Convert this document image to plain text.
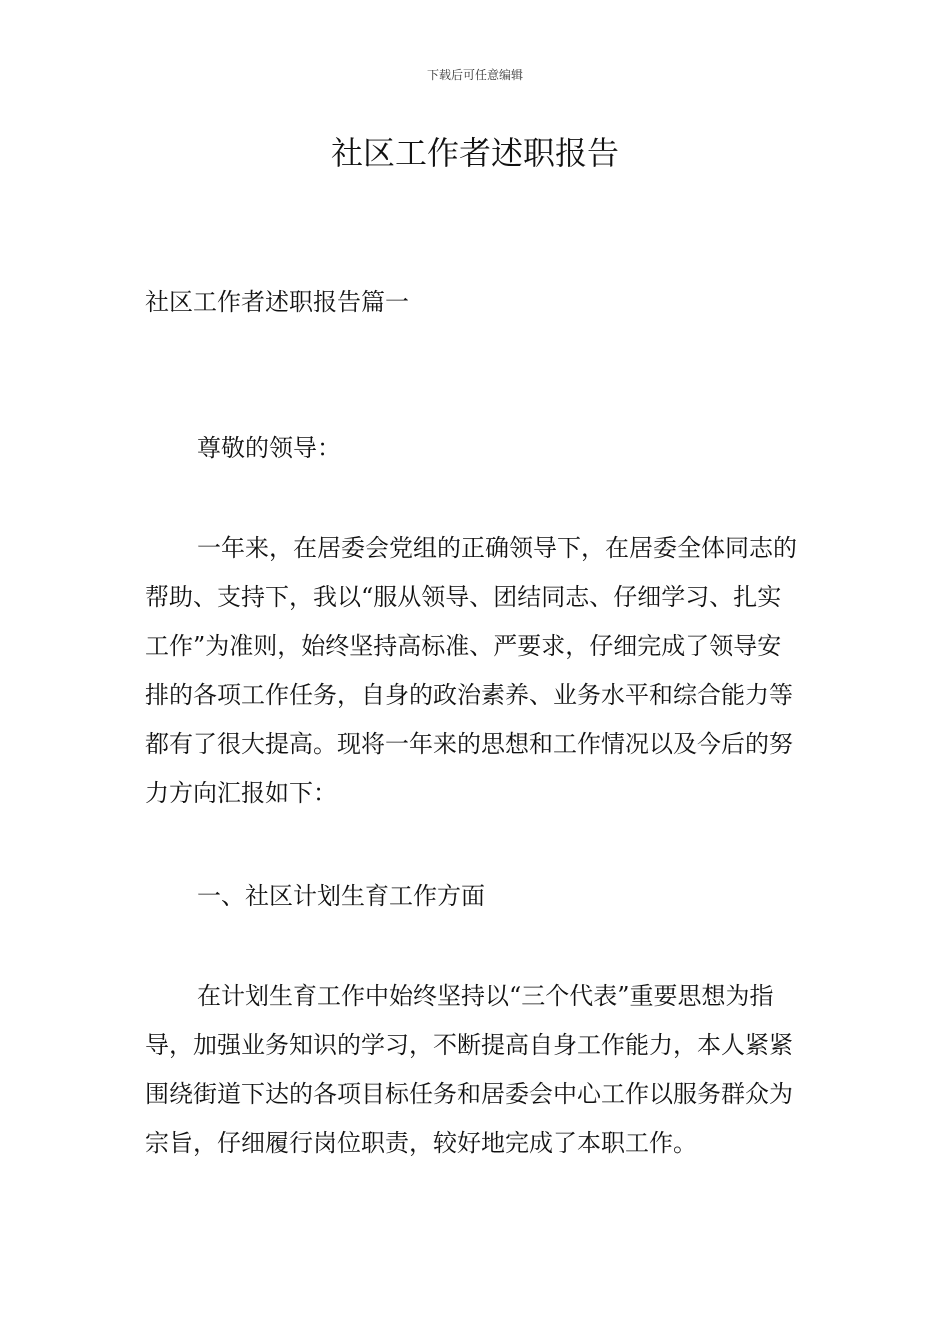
下载后可任意编辑
社区工作者述职报告

社区工作者述职报告篇一

尊敬的领导：

一年来，在居委会党组的正确领导下，在居委全体同志的帮助、支持下，我以“服从领导、团结同志、仔细学习、扎实工作”为准则，始终坚持高标准、严要求，仔细完成了领导安排的各项工作任务，自身的政治素养、业务水平和综合能力等都有了很大提高。现将一年来的思想和工作情况以及今后的努力方向汇报如下：

一、社区计划生育工作方面

在计划生育工作中始终坚持以“三个代表”重要思想为指导，加强业务知识的学习，不断提高自身工作能力，本人紧紧围绕街道下达的各项目标任务和居委会中心工作以服务群众为宗旨，仔细履行岗位职责，较好地完成了本职工作。
